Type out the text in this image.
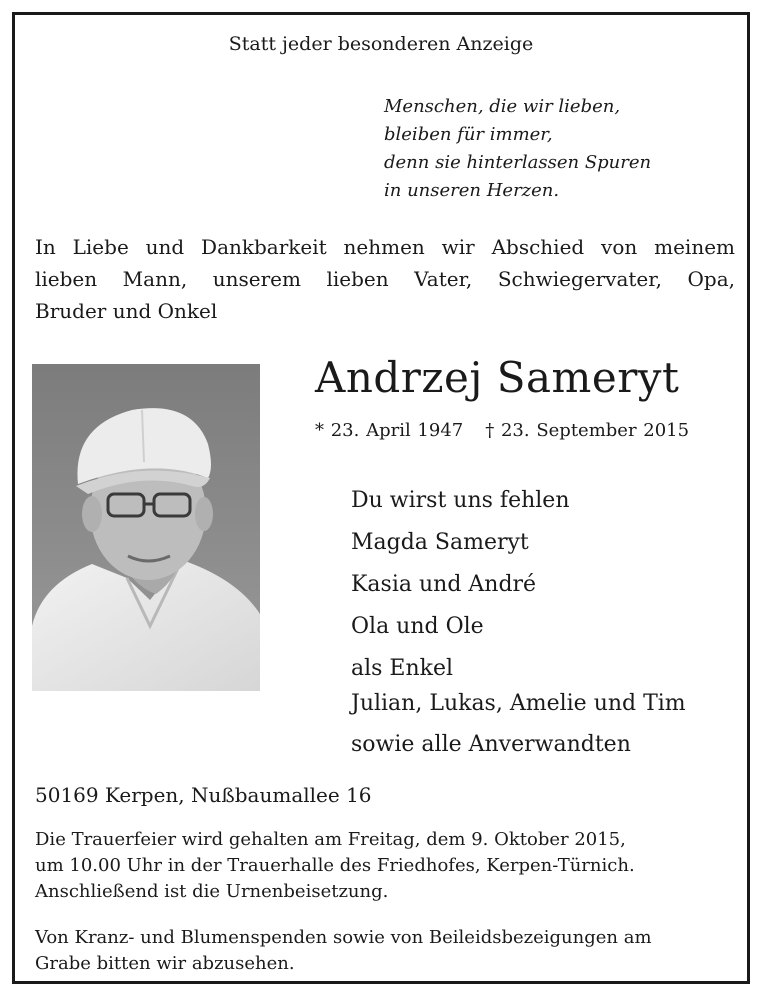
Statt jeder besonderen Anzeige
Menschen, die wir lieben,
bleiben für immer,
denn sie hinterlassen Spuren
in unseren Herzen.
In Liebe und Dankbarkeit nehmen wir Abschied von meinem
lieben Mann, unserem lieben Vater, Schwiegervater, Opa,
Bruder und Onkel
Andrzej Sameryt
* 23. April 1947 † 23. September 2015
Du wirst uns fehlen
Magda Sameryt
Kasia und André
Ola und Ole
als Enkel
Julian, Lukas, Amelie und Tim
sowie alle Anverwandten
50169 Kerpen, Nußbaumallee 16
Die Trauerfeier wird gehalten am Freitag, dem 9. Oktober 2015,
um 10.00 Uhr in der Trauerhalle des Friedhofes, Kerpen-Türnich.
Anschließend ist die Urnenbeisetzung.
Von Kranz- und Blumenspenden sowie von Beileidsbezeigungen am
Grabe bitten wir abzusehen.
